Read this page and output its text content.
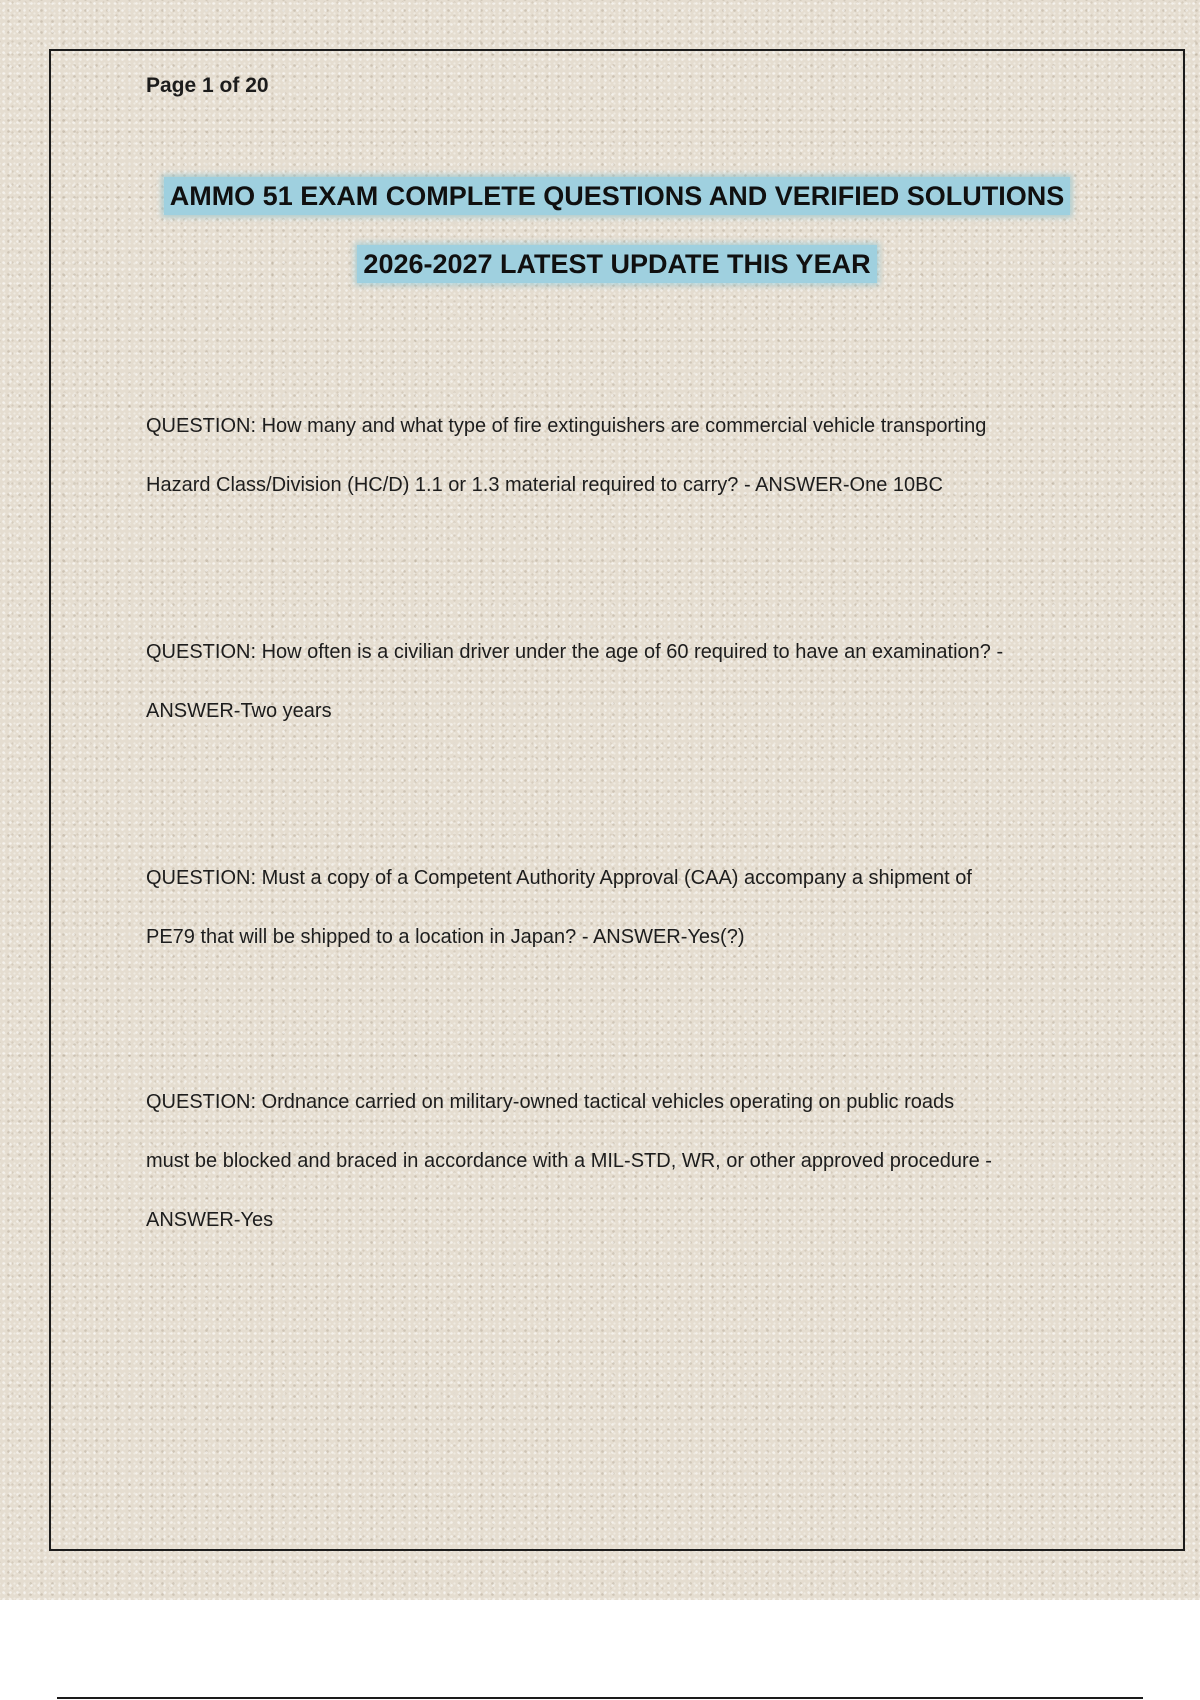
Page 1 of 20
AMMO 51 EXAM COMPLETE QUESTIONS AND VERIFIED SOLUTIONS
2026-2027 LATEST UPDATE THIS YEAR

QUESTION: How many and what type of fire extinguishers are commercial vehicle transporting

Hazard Class/Division (HC/D) 1.1 or 1.3 material required to carry? - ANSWER-One 10BC

QUESTION: How often is a civilian driver under the age of 60 required to have an examination? -

ANSWER-Two years

QUESTION: Must a copy of a Competent Authority Approval (CAA) accompany a shipment of

PE79 that will be shipped to a location in Japan? - ANSWER-Yes(?)

QUESTION: Ordnance carried on military-owned tactical vehicles operating on public roads

must be blocked and braced in accordance with a MIL-STD, WR, or other approved procedure -

ANSWER-Yes
